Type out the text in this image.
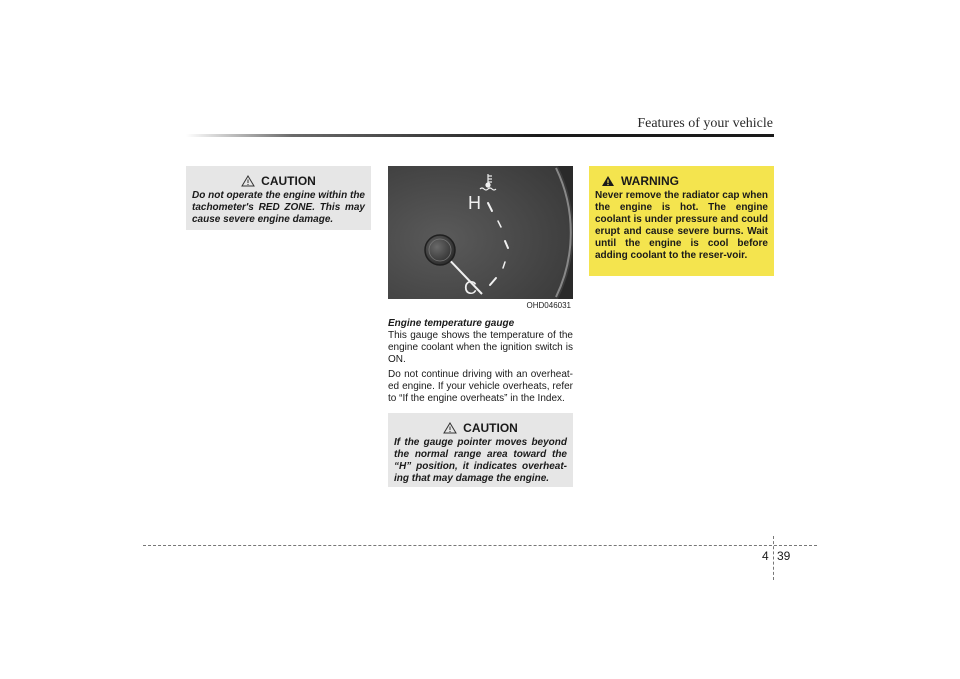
Features of your vehicle
CAUTION
Do not operate the engine within the tachometer's RED ZONE. This may cause severe engine damage.
H
C
OHD046031
Engine temperature gauge

This gauge shows the temperature of the engine coolant when the ignition switch is ON.

Do not continue driving with an overheat-ed engine. If your vehicle overheats, refer to “If the engine overheats” in the Index.

CAUTION
If the gauge pointer moves beyond the normal range area toward the “H” position, it indicates overheat-ing that may damage the engine.
WARNING
Never remove the radiator cap when the engine is hot. The engine coolant is under pressure and could erupt and cause severe burns. Wait until the engine is cool before adding coolant to the reser-voir.
4 39
